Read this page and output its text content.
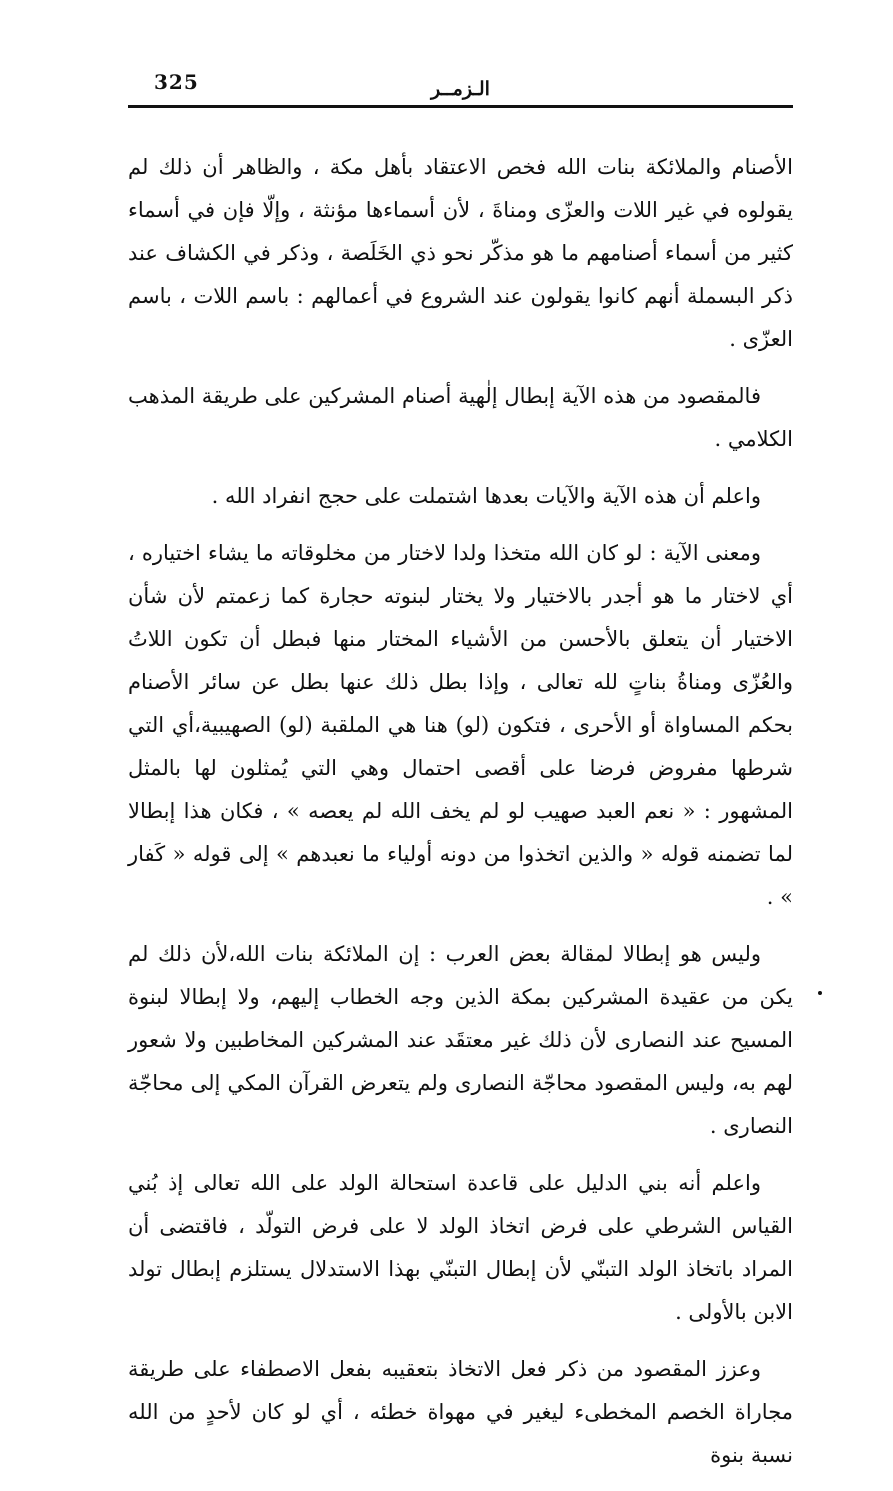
325	الـزمــر

الأصنام والملائكة بنات الله فخص الاعتقاد بأهل مكة ، والظاهر أن ذلك لم يقولوه في غير اللات والعزّى ومناةَ ، لأن أسماءها مؤنثة ، وإلّا فإن في أسماء كثير من أسماء أصنامهم ما هو مذكّر نحو ذي الخَلَصة ، وذكر في الكشاف عند ذكر البسملة أنهم كانوا يقولون عند الشروع في أعمالهم : باسم اللات ، باسم العزّى .

فالمقصود من هذه الآية إبطال إلٰهية أصنام المشركين على طريقة المذهب الكلامي .

واعلم أن هذه الآية والآيات بعدها اشتملت على حجج انفراد الله .

ومعنى الآية : لو كان الله متخذا ولدا لاختار من مخلوقاته ما يشاء اختياره ، أي لاختار ما هو أجدر بالاختيار ولا يختار لبنوته حجارة كما زعمتم لأن شأن الاختيار أن يتعلق بالأحسن من الأشياء المختار منها فبطل أن تكون اللاتُ والعُزّى ومناةُ بناتٍ لله تعالى ، وإذا بطل ذلك عنها بطل عن سائر الأصنام بحكم المساواة أو الأحرى ، فتكون (لو) هنا هي الملقبة (لو) الصهيبية،أي التي شرطها مفروض فرضا على أقصى احتمال وهي التي يُمثلون لها بالمثل المشهور : « نعم العبد صهيب لو لم يخف الله لم يعصه » ، فكان هذا إبطالا لما تضمنه قوله « والذين اتخذوا من دونه أولياء ما نعبدهم » إلى قوله « كَفار » .

وليس هو إبطالا لمقالة بعض العرب : إن الملائكة بنات الله،لأن ذلك لم يكن من عقيدة المشركين بمكة الذين وجه الخطاب إليهم، ولا إبطالا لبنوة المسيح عند النصارى لأن ذلك غير معتقَد عند المشركين المخاطبين ولا شعور لهم به، وليس المقصود محاجّة النصارى ولم يتعرض القرآن المكي إلى محاجّة النصارى .

واعلم أنه بني الدليل على قاعدة استحالة الولد على الله تعالى إذ بُني القياس الشرطي على فرض اتخاذ الولد لا على فرض التولّد ، فاقتضى أن المراد باتخاذ الولد التبنّي لأن إبطال التبنّي بهذا الاستدلال يستلزم إبطال تولد الابن بالأولى .

وعزز المقصود من ذكر فعل الاتخاذ بتعقيبه بفعل الاصطفاء على طريقة مجاراة الخصم المخطىء ليغير في مهواة خطئه ، أي لو كان لأحدٍ من الله نسبة بنوة
